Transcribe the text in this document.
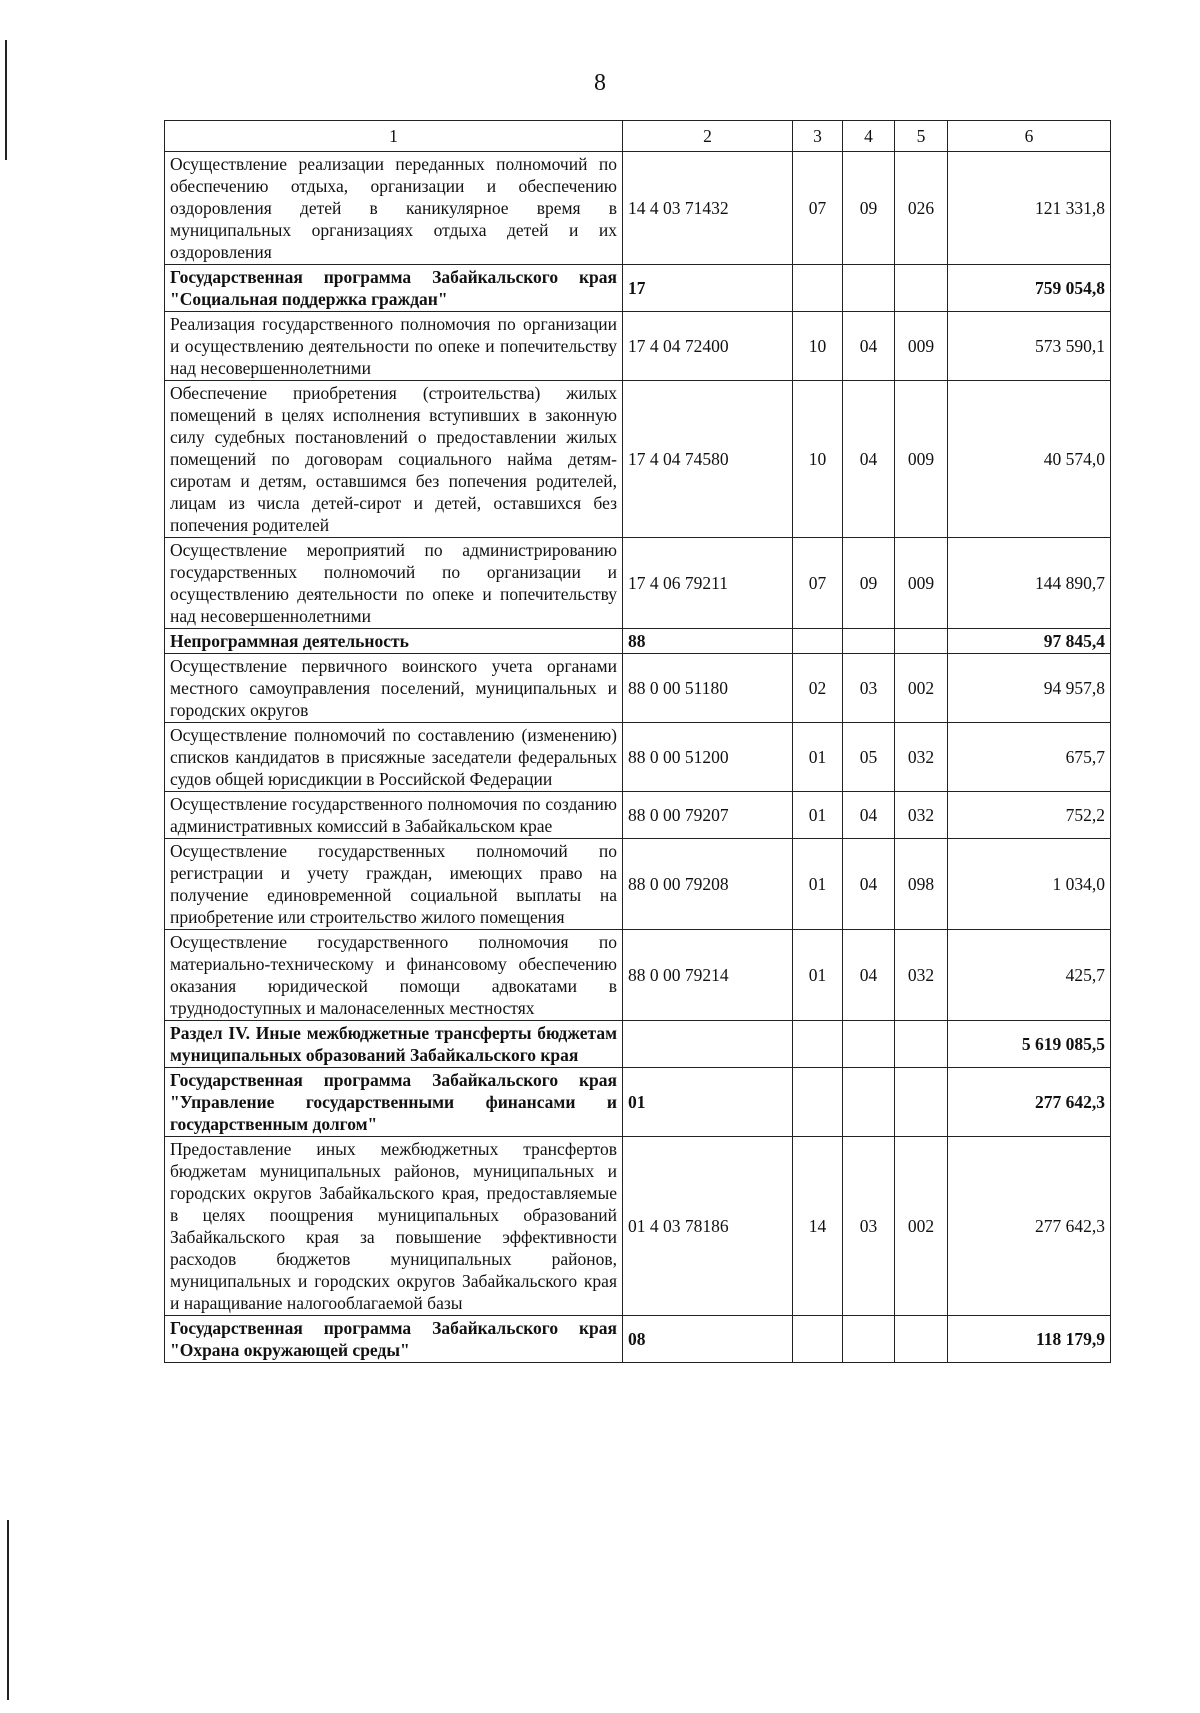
8
1	2	3	4	5	6
Осуществление реализации переданных полномочий по обеспечению отдыха, организации и обеспечению оздоровления детей в каникулярное время в муниципальных организациях отдыха детей и их оздоровления	14 4 03 71432	07	09	026	121 331,8
Государственная программа Забайкальского края "Социальная поддержка граждан"	17				759 054,8
Реализация государственного полномочия по организации и осуществлению деятельности по опеке и попечительству над несовершеннолетними	17 4 04 72400	10	04	009	573 590,1
Обеспечение приобретения (строительства) жилых помещений в целях исполнения вступивших в законную силу судебных постановлений о предоставлении жилых помещений по договорам социального найма детям-сиротам и детям, оставшимся без попечения родителей, лицам из числа детей-сирот и детей, оставшихся без попечения родителей	17 4 04 74580	10	04	009	40 574,0
Осуществление мероприятий по администрированию государственных полномочий по организации и осуществлению деятельности по опеке и попечительству над несовершеннолетними	17 4 06 79211	07	09	009	144 890,7
Непрограммная деятельность	88				97 845,4
Осуществление первичного воинского учета органами местного самоуправления поселений, муниципальных и городских округов	88 0 00 51180	02	03	002	94 957,8
Осуществление полномочий по составлению (изменению) списков кандидатов в присяжные заседатели федеральных судов общей юрисдикции в Российской Федерации	88 0 00 51200	01	05	032	675,7
Осуществление государственного полномочия по созданию административных комиссий в Забайкальском крае	88 0 00 79207	01	04	032	752,2
Осуществление государственных полномочий по регистрации и учету граждан, имеющих право на получение единовременной социальной выплаты на приобретение или строительство жилого помещения	88 0 00 79208	01	04	098	1 034,0
Осуществление государственного полномочия по материально-техническому и финансовому обеспечению оказания юридической помощи адвокатами в труднодоступных и малонаселенных местностях	88 0 00 79214	01	04	032	425,7
Раздел IV. Иные межбюджетные трансферты бюджетам муниципальных образований Забайкальского края					5 619 085,5
Государственная программа Забайкальского края "Управление государственными финансами и государственным долгом"	01				277 642,3
Предоставление иных межбюджетных трансфертов бюджетам муниципальных районов, муниципальных и городских округов Забайкальского края, предоставляемые в целях поощрения муниципальных образований Забайкальского края за повышение эффективности расходов бюджетов муниципальных районов, муниципальных и городских округов Забайкальского края и наращивание налогооблагаемой базы	01 4 03 78186	14	03	002	277 642,3
Государственная программа Забайкальского края "Охрана окружающей среды"	08				118 179,9
